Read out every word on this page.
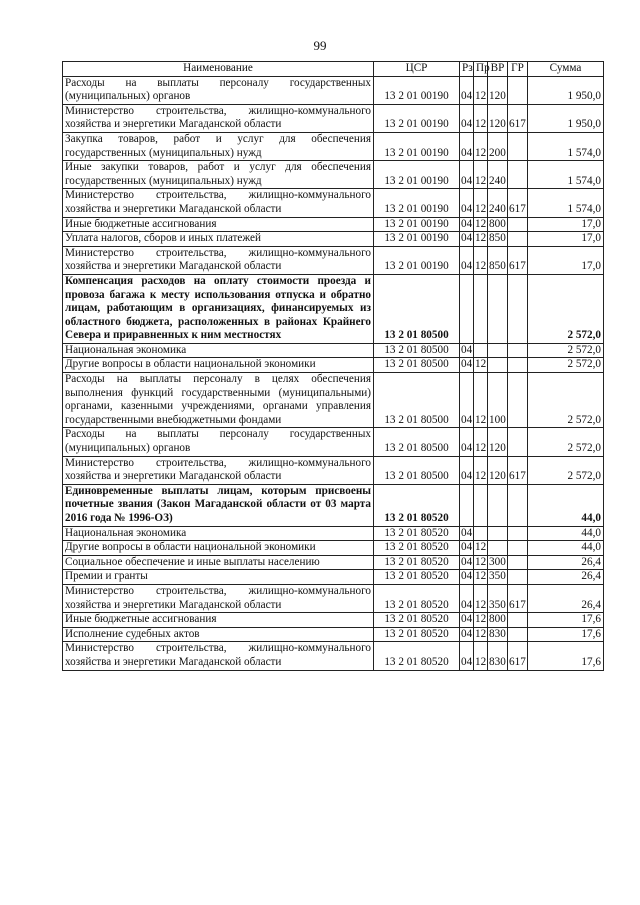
99
Наименование	ЦСР	Рз	Пр	ВР	ГР	Сумма
Расходы на выплаты персоналу государственных (муниципальных) органов	13 2 01 00190	04	12	120		1 950,0
Министерство строительства, жилищно-коммунального хозяйства и энергетики Магаданской области	13 2 01 00190	04	12	120	617	1 950,0
Закупка товаров, работ и услуг для обеспечения государственных (муниципальных) нужд	13 2 01 00190	04	12	200		1 574,0
Иные закупки товаров, работ и услуг для обеспечения государственных (муниципальных) нужд	13 2 01 00190	04	12	240		1 574,0
Министерство строительства, жилищно-коммунального хозяйства и энергетики Магаданской области	13 2 01 00190	04	12	240	617	1 574,0
Иные бюджетные ассигнования	13 2 01 00190	04	12	800		17,0
Уплата налогов, сборов и иных платежей	13 2 01 00190	04	12	850		17,0
Министерство строительства, жилищно-коммунального хозяйства и энергетики Магаданской области	13 2 01 00190	04	12	850	617	17,0
Компенсация расходов на оплату стоимости проезда и провоза багажа к месту использования отпуска и обратно лицам, работающим в организациях, финансируемых из областного бюджета, расположенных в районах Крайнего Севера и приравненных к ним местностях	13 2 01 80500					2 572,0
Национальная экономика	13 2 01 80500	04				2 572,0
Другие вопросы в области национальной экономики	13 2 01 80500	04	12			2 572,0
Расходы на выплаты персоналу в целях обеспечения выполнения функций государственными (муниципальными) органами, казенными учреждениями, органами управления государственными внебюджетными фондами	13 2 01 80500	04	12	100		2 572,0
Расходы на выплаты персоналу государственных (муниципальных) органов	13 2 01 80500	04	12	120		2 572,0
Министерство строительства, жилищно-коммунального хозяйства и энергетики Магаданской области	13 2 01 80500	04	12	120	617	2 572,0
Единовременные выплаты лицам, которым присвоены почетные звания (Закон Магаданской области от 03 марта 2016 года № 1996-ОЗ)	13 2 01 80520					44,0
Национальная экономика	13 2 01 80520	04				44,0
Другие вопросы в области национальной экономики	13 2 01 80520	04	12			44,0
Социальное обеспечение и иные выплаты населению	13 2 01 80520	04	12	300		26,4
Премии и гранты	13 2 01 80520	04	12	350		26,4
Министерство строительства, жилищно-коммунального хозяйства и энергетики Магаданской области	13 2 01 80520	04	12	350	617	26,4
Иные бюджетные ассигнования	13 2 01 80520	04	12	800		17,6
Исполнение судебных актов	13 2 01 80520	04	12	830		17,6
Министерство строительства, жилищно-коммунального хозяйства и энергетики Магаданской области	13 2 01 80520	04	12	830	617	17,6
